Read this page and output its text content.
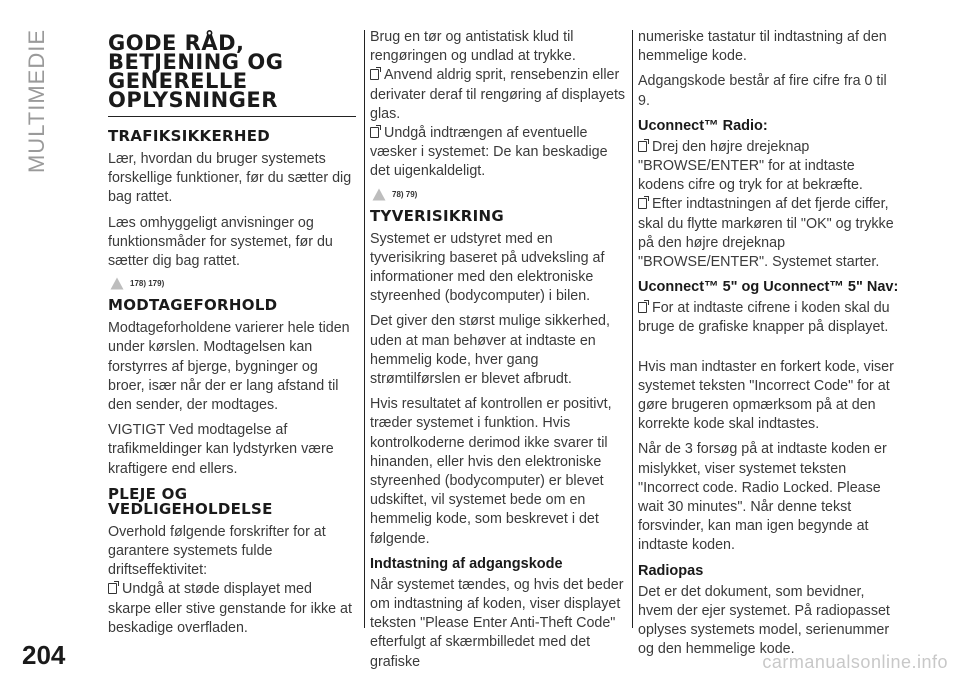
MULTIMEDIE	GODE RÅD,
BETJENING OG
GENERELLE
OPLYSNINGER
TRAFIKSIKKERHED

Lær, hvordan du bruger systemets forskellige funktioner, før du sætter dig bag rattet.

Læs omhyggeligt anvisninger og funktionsmåder for systemet, før du sætter dig bag rattet.

178) 179)
MODTAGEFORHOLD

Modtageforholdene varierer hele tiden under kørslen. Modtagelsen kan forstyrres af bjerge, bygninger og broer, især når der er lang afstand til den sender, der modtages.

VIGTIGT Ved modtagelse af trafikmeldinger kan lydstyrken være kraftigere end ellers.

PLEJE OG
VEDLIGEHOLDELSE

Overhold følgende forskrifter for at garantere systemets fulde driftseffektivitet:

Undgå at støde displayet med skarpe eller stive genstande for ikke at beskadige overfladen.

Brug en tør og antistatisk klud til rengøringen og undlad at trykke.

Anvend aldrig sprit, rensebenzin eller derivater deraf til rengøring af displayets glas.

Undgå indtrængen af eventuelle væsker i systemet: De kan beskadige det uigenkaldeligt.

78) 79)
TYVERISIKRING

Systemet er udstyret med en tyverisikring baseret på udveksling af informationer med den elektroniske styreenhed (bodycomputer) i bilen.

Det giver den størst mulige sikkerhed, uden at man behøver at indtaste en hemmelig kode, hver gang strømtilførslen er blevet afbrudt.

Hvis resultatet af kontrollen er positivt, træder systemet i funktion. Hvis kontrolkoderne derimod ikke svarer til hinanden, eller hvis den elektroniske styreenhed (bodycomputer) er blevet udskiftet, vil systemet bede om en hemmelig kode, som beskrevet i det følgende.

Indtastning af adgangskode

Når systemet tændes, og hvis det beder om indtastning af koden, viser displayet teksten "Please Enter Anti-Theft Code" efterfulgt af skærmbilledet med det grafiske

numeriske tastatur til indtastning af den hemmelige kode.

Adgangskode består af fire cifre fra 0 til 9.

Uconnect™ Radio:

Drej den højre drejeknap "BROWSE/ENTER" for at indtaste kodens cifre og tryk for at bekræfte.

Efter indtastningen af det fjerde ciffer, skal du flytte markøren til "OK" og trykke på den højre drejeknap "BROWSE/ENTER". Systemet starter.

Uconnect™ 5" og Uconnect™ 5" Nav:

For at indtaste cifrene i koden skal du bruge de grafiske knapper på displayet.

Hvis man indtaster en forkert kode, viser systemet teksten "Incorrect Code" for at gøre brugeren opmærksom på at den korrekte kode skal indtastes.

Når de 3 forsøg på at indtaste koden er mislykket, viser systemet teksten "Incorrect code. Radio Locked. Please wait 30 minutes". Når denne tekst forsvinder, kan man igen begynde at indtaste koden.

Radiopas

Det er det dokument, som bevidner, hvem der ejer systemet. På radiopasset oplyses systemets model, serienummer og den hemmelige kode.

204	carmanualsonline.info
